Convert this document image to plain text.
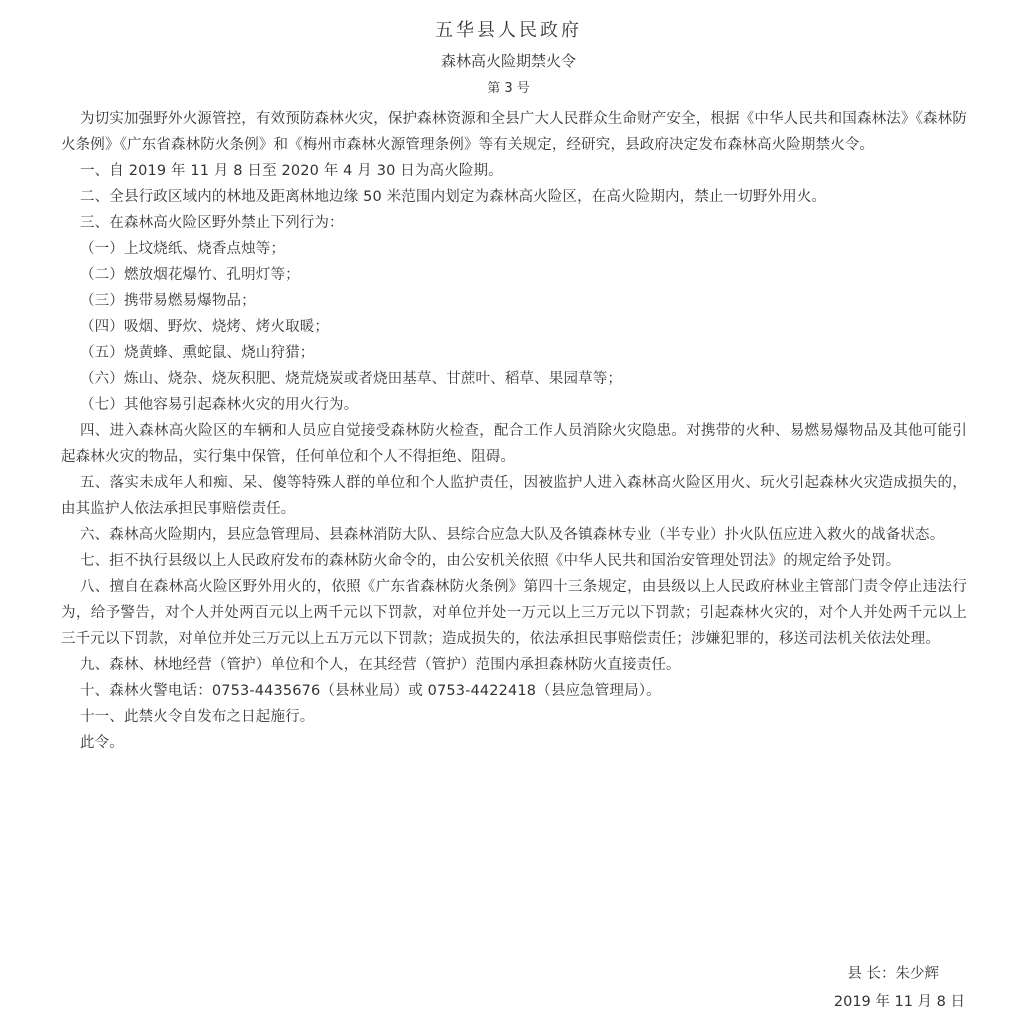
五华县人民政府
森林高火险期禁火令
第 3 号

为切实加强野外火源管控，有效预防森林火灾，保护森林资源和全县广大人民群众生命财产安全，根据《中华人民共和国森林法》《森林防火条例》《广东省森林防火条例》和《梅州市森林火源管理条例》等有关规定，经研究，县政府决定发布森林高火险期禁火令。

一、自 2019 年 11 月 8 日至 2020 年 4 月 30 日为高火险期。

二、全县行政区域内的林地及距离林地边缘 50 米范围内划定为森林高火险区，在高火险期内，禁止一切野外用火。

三、在森林高火险区野外禁止下列行为：

（一）上坟烧纸、烧香点烛等；

（二）燃放烟花爆竹、孔明灯等；

（三）携带易燃易爆物品；

（四）吸烟、野炊、烧烤、烤火取暖；

（五）烧黄蜂、熏蛇鼠、烧山狩猎；

（六）炼山、烧杂、烧灰积肥、烧荒烧炭或者烧田基草、甘蔗叶、稻草、果园草等；

（七）其他容易引起森林火灾的用火行为。

四、进入森林高火险区的车辆和人员应自觉接受森林防火检查，配合工作人员消除火灾隐患。对携带的火种、易燃易爆物品及其他可能引起森林火灾的物品，实行集中保管，任何单位和个人不得拒绝、阻碍。

五、落实未成年人和痴、呆、傻等特殊人群的单位和个人监护责任，因被监护人进入森林高火险区用火、玩火引起森林火灾造成损失的，由其监护人依法承担民事赔偿责任。

六、森林高火险期内，县应急管理局、县森林消防大队、县综合应急大队及各镇森林专业（半专业）扑火队伍应进入救火的战备状态。

七、拒不执行县级以上人民政府发布的森林防火命令的，由公安机关依照《中华人民共和国治安管理处罚法》的规定给予处罚。

八、擅自在森林高火险区野外用火的，依照《广东省森林防火条例》第四十三条规定，由县级以上人民政府林业主管部门责令停止违法行为，给予警告，对个人并处两百元以上两千元以下罚款，对单位并处一万元以上三万元以下罚款；引起森林火灾的，对个人并处两千元以上三千元以下罚款，对单位并处三万元以上五万元以下罚款；造成损失的，依法承担民事赔偿责任；涉嫌犯罪的，移送司法机关依法处理。

九、森林、林地经营（管护）单位和个人，在其经营（管护）范围内承担森林防火直接责任。

十、森林火警电话：0753-4435676（县林业局）或 0753-4422418（县应急管理局）。

十一、此禁火令自发布之日起施行。

此令。

县 长：朱少辉
2019 年 11 月 8 日
